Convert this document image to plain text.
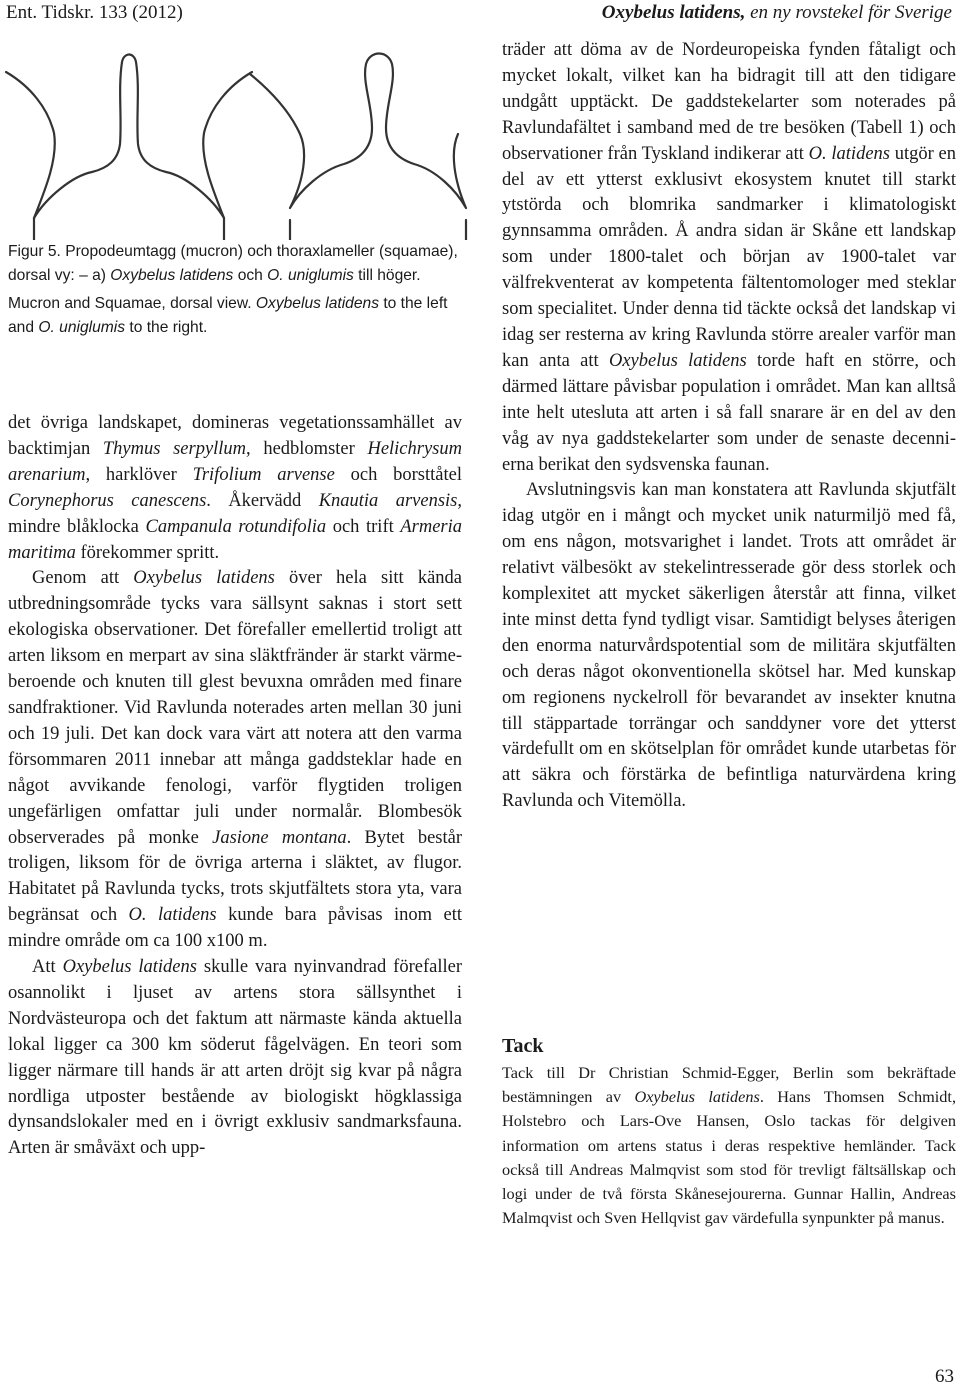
Ent. Tidskr. 133 (2012)	Oxybelus latidens, en ny rovstekel för Sverige

Figur 5. Propodeumtagg (mucron) och thoraxlameller (squamae), dorsal vy: – a) Oxybelus latidens och O. uniglumis till höger.

Mucron and Squamae, dorsal view. Oxybelus latidens to the left and O. uniglumis to the right.

det övriga landskapet, domineras vegetationssamhället av backtimjan Thymus serpyllum, hedblomster Helichrysum arenarium, harklöver Trifolium arvense och borsttåtel Corynephorus canescens. Åkervädd Knautia arvensis, mindre blåklocka Campanula rotundifolia och trift Armeria maritima förekommer spritt.

Genom att Oxybelus latidens över hela sitt kända utbredningsområde tycks vara sällsynt saknas i stort sett ekologiska observationer. Det förefaller emellertid troligt att arten liksom en merpart av sina släktfränder är starkt värmeberoende och knuten till glest bevuxna områden med finare sandfraktioner. Vid Ravlunda noterades arten mellan 30 juni och 19 juli. Det kan dock vara värt att notera att den varma försommaren 2011 innebar att många gaddsteklar hade en något avvikande fenologi, varför flygtiden troligen ungefärligen omfattar juli under normalår. Blombesök observerades på monke Jasione montana. Bytet består troligen, liksom för de övriga arterna i släktet, av flugor. Habitatet på Ravlunda tycks, trots skjutfältets stora yta, vara begränsat och O. latidens kunde bara påvisas inom ett mindre område om ca 100 x100 m.

Att Oxybelus latidens skulle vara nyinvandrad förefaller osannolikt i ljuset av artens stora sällsynthet i Nordvästeuropa och det faktum att närmaste kända aktuella lokal ligger ca 300 km söderut fågelvägen. En teori som ligger närmare till hands är att arten dröjt sig kvar på några nordliga utposter bestående av biologiskt högklassiga dynsandslokaler med en i övrigt exklusiv sandmarksfauna. Arten är småväxt och upp-

träder att döma av de Nordeuropeiska fynden fåtaligt och mycket lokalt, vilket kan ha bidragit till att den tidigare undgått upptäckt. De gaddstekelarter som noterades på Ravlundafältet i samband med de tre besöken (Tabell 1) och observationer från Tyskland indikerar att O. latidens utgör en del av ett ytterst exklusivt ekosystem knutet till starkt ytstörda och blomrika sandmarker i klimatologiskt gynnsamma områden. Å andra sidan är Skåne ett landskap som under 1800-talet och början av 1900-talet var välfrekventerat av kompetenta fältentomologer med steklar som specialitet. Under denna tid täckte också det landskap vi idag ser resterna av kring Ravlunda större arealer varför man kan anta att Oxybelus latidens torde haft en större, och därmed lättare påvisbar population i området. Man kan alltså inte helt utesluta att arten i så fall snarare är en del av den våg av nya gaddstekelarter som under de senaste decennierna berikat den sydsvenska faunan.

Avslutningsvis kan man konstatera att Ravlunda skjutfält idag utgör en i mångt och mycket unik naturmiljö med få, om ens någon, motsvarighet i landet. Trots att området är relativt välbesökt av stekelintresserade gör dess storlek och komplexitet att mycket säkerligen återstår att finna, vilket inte minst detta fynd tydligt visar. Samtidigt belyses återigen den enorma naturvårdspotential som de militära skjutfälten och deras något okonventionella skötsel har. Med kunskap om regionens nyckelroll för bevarandet av insekter knutna till stäppartade torrängar och sanddyner vore det ytterst värdefullt om en skötselplan för området kunde utarbetas för att säkra och förstärka de befintliga naturvärdena kring Ravlunda och Vitemölla.

Tack

Tack till Dr Christian Schmid-Egger, Berlin som bekräftade bestämningen av Oxybelus latidens. Hans Thomsen Schmidt, Holstebro och Lars-Ove Hansen, Oslo tackas för delgiven information om artens status i deras respektive hemländer. Tack också till Andreas Malmqvist som stod för trevligt fältsällskap och logi under de två första Skånesejourerna. Gunnar Hallin, Andreas Malmqvist och Sven Hellqvist gav värdefulla synpunkter på manus.

63
